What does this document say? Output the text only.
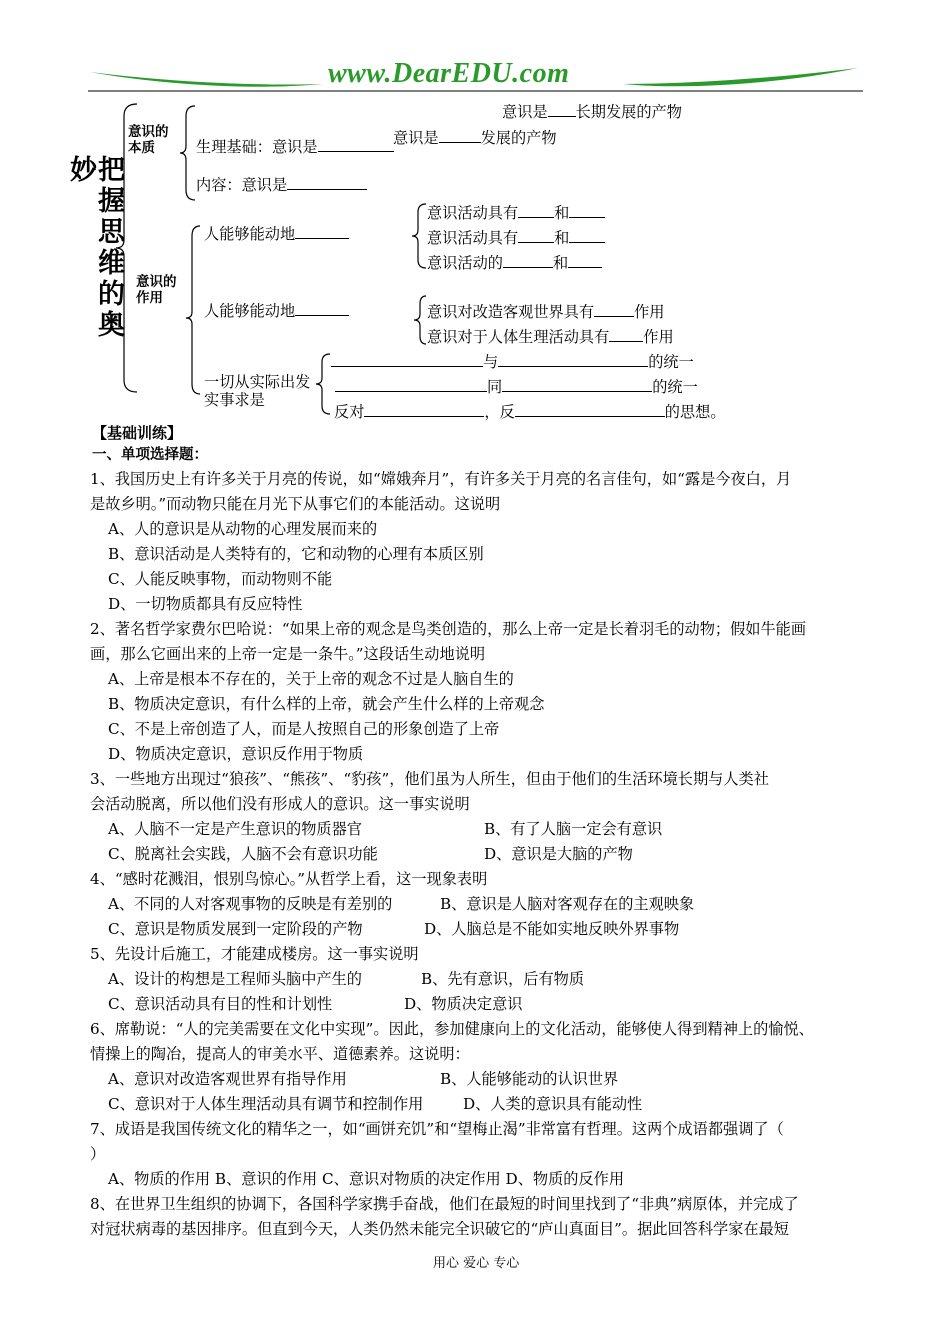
www.DearEDU.com
妙 把
握
思
维
的
奥
意识的
本质
意识是 长期发展的产物
意识是	发展的产物
生理基础：意识是
内容：意识是
意识的
作用
人能够能动地
意识活动具有 和
意识活动具有 和
意识活动的	和
人能够能动地	意识对改造客观世界具有	作用
意识对于人体生理活动具有 作用
一切从实际出发
实事求是
与	的统一
同	的统一
反对	，反	的思想。
【基础训练】
一、单项选择题：
1、我国历史上有许多关于月亮的传说，如“嫦娥奔月”，有许多关于月亮的名言佳句，如“露是今夜白，月
是故乡明。”而动物只能在月光下从事它们的本能活动。这说明
A、人的意识是从动物的心理发展而来的
B、意识活动是人类特有的，它和动物的心理有本质区别
C、人能反映事物，而动物则不能
D、一切物质都具有反应特性
2、著名哲学家费尔巴哈说：“如果上帝的观念是鸟类创造的，那么上帝一定是长着羽毛的动物；假如牛能画
画，那么它画出来的上帝一定是一条牛。”这段话生动地说明
A、上帝是根本不存在的，关于上帝的观念不过是人脑自生的
B、物质决定意识，有什么样的上帝，就会产生什么样的上帝观念
C、不是上帝创造了人，而是人按照自己的形象创造了上帝
D、物质决定意识，意识反作用于物质
3、一些地方出现过“狼孩”、“熊孩”、“豹孩”，他们虽为人所生，但由于他们的生活环境长期与人类社
会活动脱离，所以他们没有形成人的意识。这一事实说明
A、人脑不一定是产生意识的物质器官	B、有了人脑一定会有意识
C、脱离社会实践，人脑不会有意识功能	D、意识是大脑的产物
4、“感时花溅泪，恨别鸟惊心。”从哲学上看，这一现象表明
A、不同的人对客观事物的反映是有差别的	B、意识是人脑对客观存在的主观映象
C、意识是物质发展到一定阶段的产物	D、人脑总是不能如实地反映外界事物
5、先设计后施工，才能建成楼房。这一事实说明
A、设计的构想是工程师头脑中产生的	B、先有意识，后有物质
C、意识活动具有目的性和计划性	D、物质决定意识
6、席勒说：“人的完美需要在文化中实现”。因此，参加健康向上的文化活动，能够使人得到精神上的愉悦、
情操上的陶冶，提高人的审美水平、道德素养。这说明：
A、意识对改造客观世界有指导作用	B、人能够能动的认识世界
C、意识对于人体生理活动具有调节和控制作用	D、人类的意识具有能动性
7、成语是我国传统文化的精华之一，如“画饼充饥”和“望梅止渴”非常富有哲理。这两个成语都强调了（
）
A、物质的作用 B、意识的作用 C、意识对物质的决定作用 D、物质的反作用
8、在世界卫生组织的协调下，各国科学家携手奋战，他们在最短的时间里找到了“非典”病原体，并完成了
对冠状病毒的基因排序。但直到今天，人类仍然未能完全识破它的“庐山真面目”。据此回答科学家在最短
用心 爱心 专心
